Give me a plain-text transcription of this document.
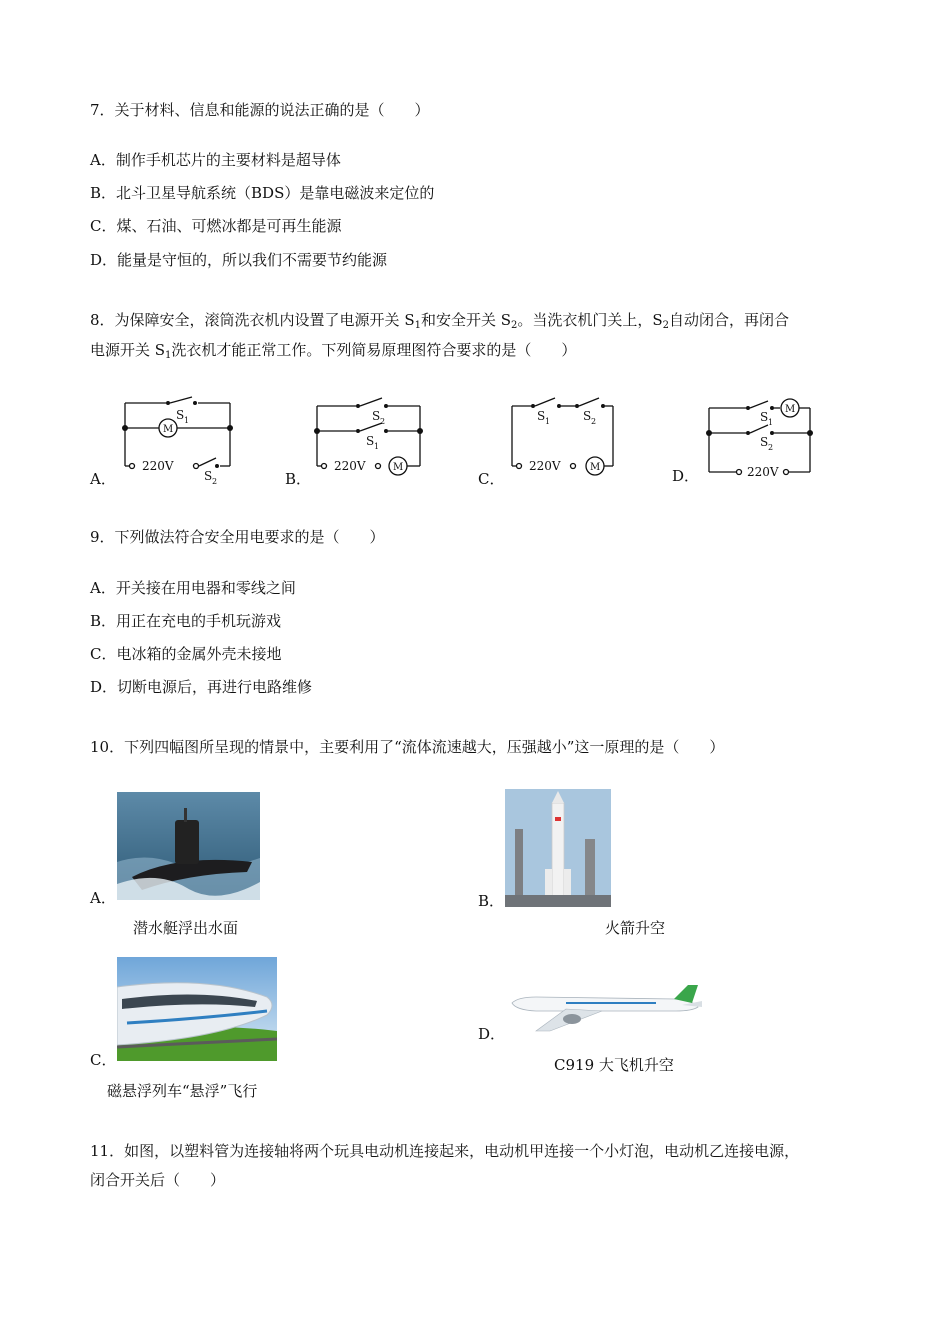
7．关于材料、信息和能源的说法正确的是（　　）
A．制作手机芯片的主要材料是超导体
B．北斗卫星导航系统（BDS）是靠电磁波来定位的
C．煤、石油、可燃冰都是可再生能源
D．能量是守恒的，所以我们不需要节约能源
8．为保障安全，滚筒洗衣机内设置了电源开关 $S_1$和安全开关 $S_2$。当洗衣机门关上，$S_2$自动闭合，再闭合
电源开关 $S_1$洗衣机才能正常工作。下列简易原理图符合要求的是（　　）
A．
S 1
M
220V
S 2	B．
S 2
S 1
220V	M
C．
S 1	S 2
220V	M	D．
M
S 1
S 2
220V
9．下列做法符合安全用电要求的是（　　）
A．开关接在用电器和零线之间
B．用正在充电的手机玩游戏
C．电冰箱的金属外壳未接地
D．切断电源后，再进行电路维修
10．下列四幅图所呈现的情景中，主要利用了“流体流速越大，压强越小”这一原理的是（　　）
A．
潜水艇浮出水面
B．
火箭升空
C．
磁悬浮列车“悬浮”飞行
D．
C919 大飞机升空
11．如图，以塑料管为连接轴将两个玩具电动机连接起来，电动机甲连接一个小灯泡，电动机乙连接电源，
闭合开关后（　　）
